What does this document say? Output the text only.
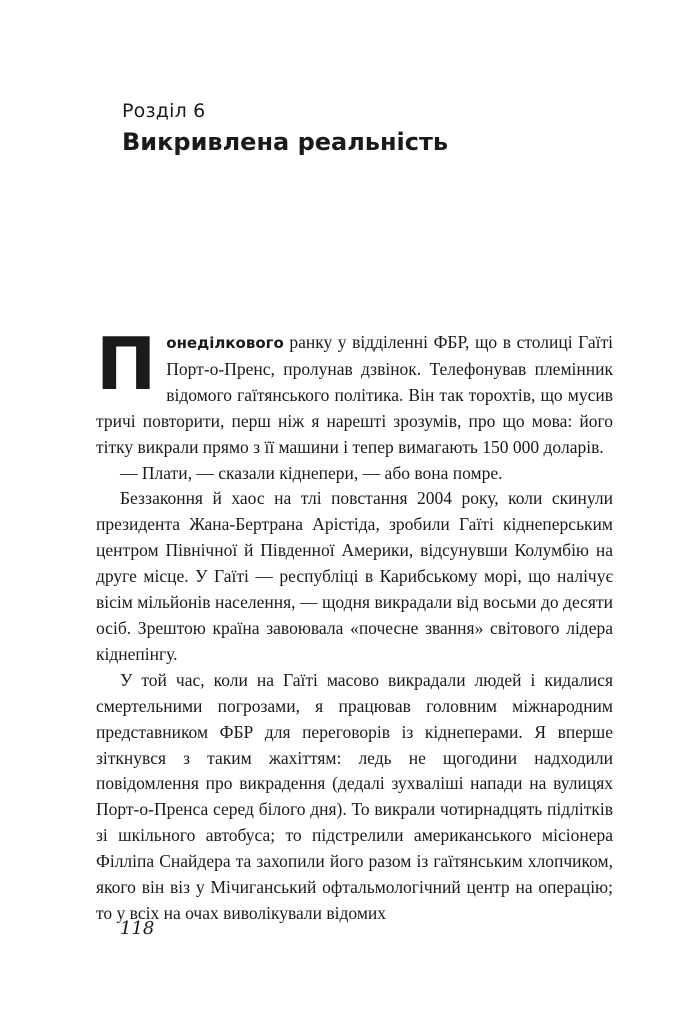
Розділ 6
Викривлена реальність

Понеділкового ранку у відділенні ФБР, що в столиці Гаїті Порт-о-Пренс, пролунав дзвінок. Телефонував племінник відомого гаїтянського політика. Він так торохтів, що мусив тричі повторити, перш ніж я нарешті зрозумів, про що мова: його тітку викрали прямо з її машини і тепер вимагають 150 000 доларів.

— Плати, — сказали кіднепери, — або вона помре.

Беззаконня й хаос на тлі повстання 2004 року, коли скинули президента Жана-Бертрана Арістіда, зробили Гаїті кіднеперським центром Північної й Південної Америки, відсунувши Колумбію на друге місце. У Гаїті — республіці в Карибському морі, що налічує вісім мільйонів населення, — щодня викрадали від восьми до десяти осіб. Зрештою країна завоювала «почесне звання» світового лідера кіднепінгу.

У той час, коли на Гаїті масово викрадали людей і кидалися смертельними погрозами, я працював головним міжнародним представником ФБР для переговорів із кіднеперами. Я вперше зіткнувся з таким жахіттям: ледь не щогодини надходили повідомлення про викрадення (дедалі зухваліші напади на вулицях Порт-о-Пренса серед білого дня). То викрали чотирнадцять підлітків зі шкільного автобуса; то підстрелили американського місіонера Філліпа Снайдера та захопили його разом із гаїтянським хлопчиком, якого він віз у Мічиганський офтальмологічний центр на операцію; то у всіх на очах виволікували відомих

118
